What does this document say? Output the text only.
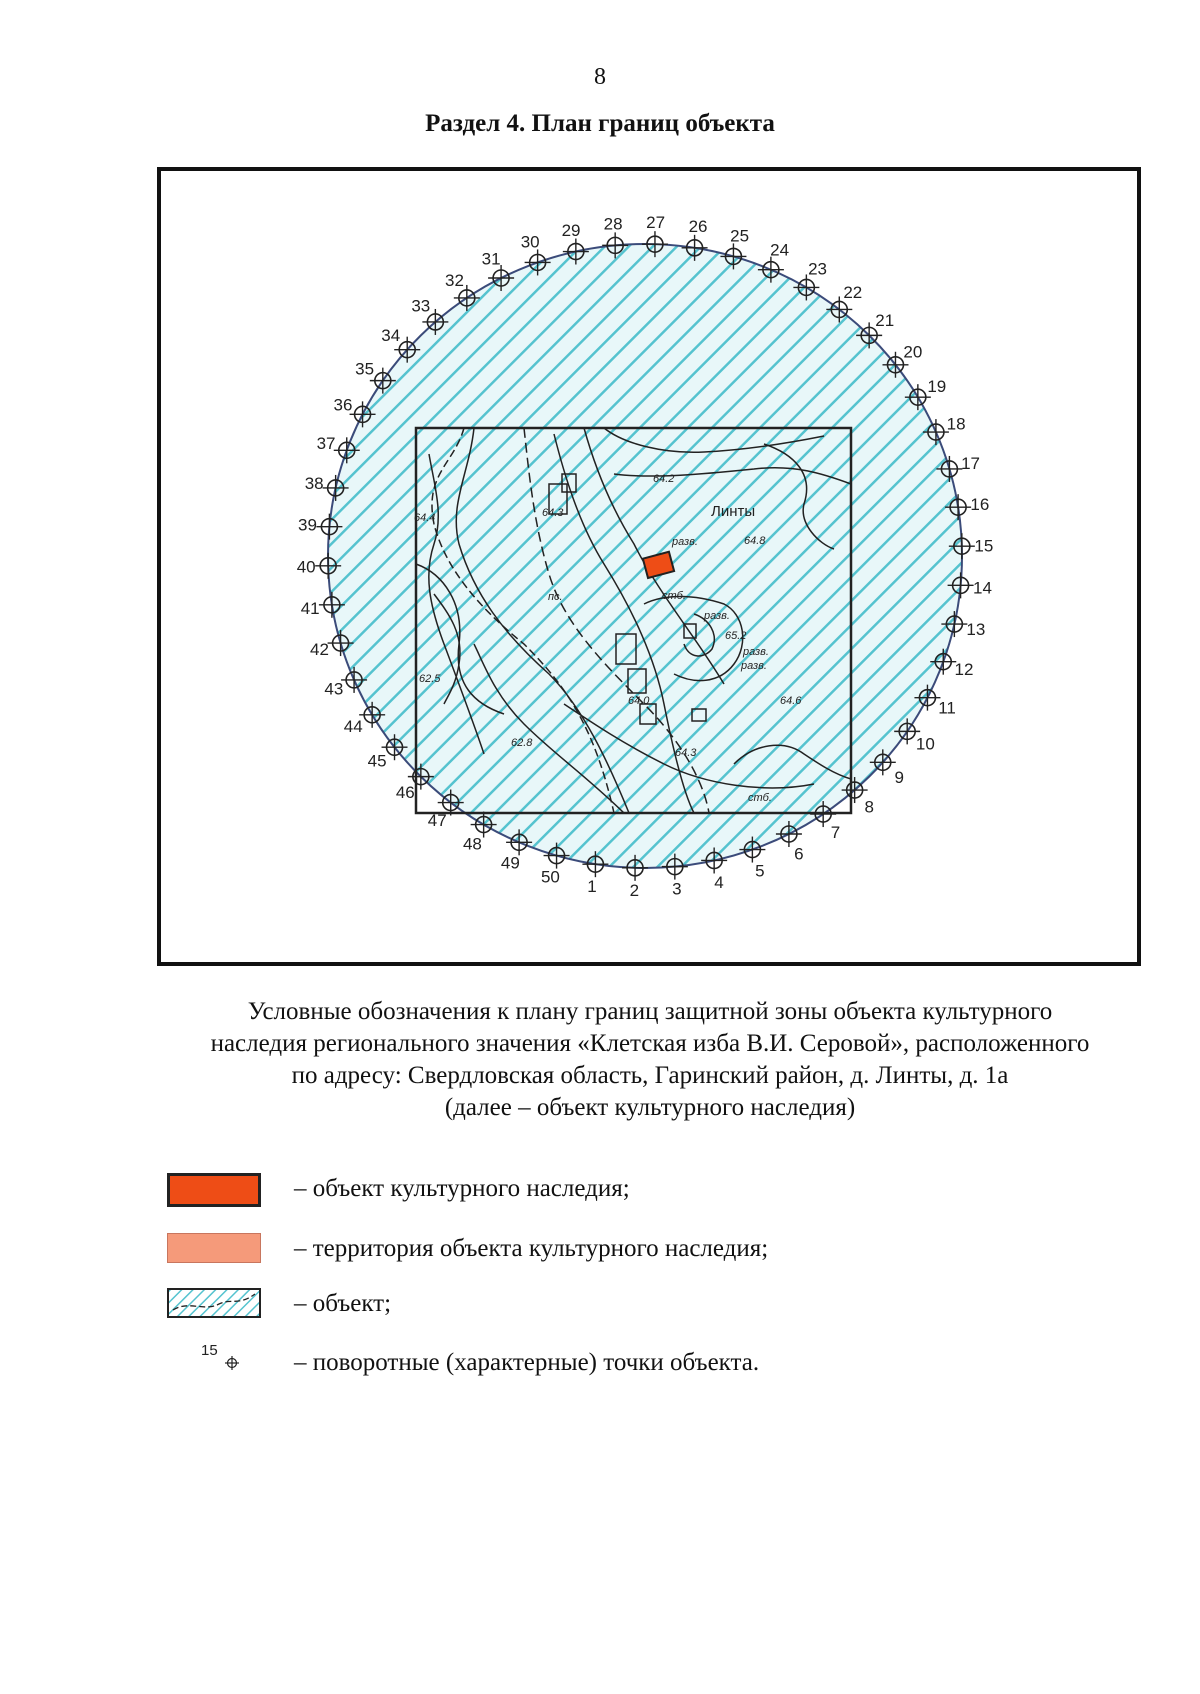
8
Раздел 4. План границ объекта
64.2
64.3
64.4
64.8
65.2
64.6
64.0
62.5
62.8
64.3
разв.
разв.
разв.
разв.
стб.
стб.
пс.
Линты
1 2 3 4
5
6
7
8
9
10
11
12
13
14
15
16
17
18
19
20
21
22
23
24
25
26
27
28
29
30
31
32
33
34
35
36
37
38
39
40
41
42
43
44
45
46
47
48
49
50
Условные обозначения к плану границ защитной зоны объекта культурного
наследия регионального значения «Клетская изба В.И. Серовой», расположенного
по адресу: Свердловская область, Гаринский район, д. Линты, д. 1а
(далее – объект культурного наследия)
– объект культурного наследия;
– территория объекта культурного наследия;
– объект;
15	– поворотные (характерные) точки объекта.
